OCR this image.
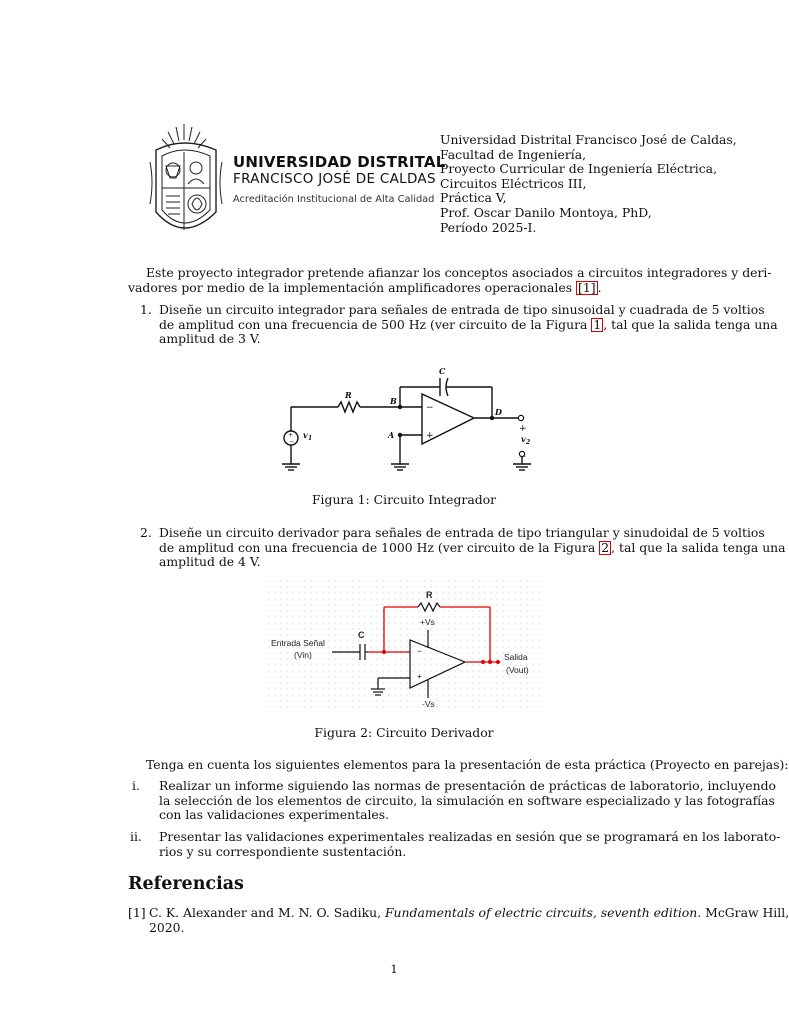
UNIVERSIDAD DISTRITAL
FRANCISCO JOSÉ DE CALDAS
Acreditación Institucional de Alta Calidad
Universidad Distrital Francisco José de Caldas,
Facultad de Ingeniería,
Proyecto Curricular de Ingeniería Eléctrica,
Circuitos Eléctricos III,
Práctica V,
Prof. Oscar Danilo Montoya, PhD,
Período 2025-I.
Este proyecto integrador pretende afianzar los conceptos asociados a circuitos integradores y deri-
vadores por medio de la implementación amplificadores operacionales [1] .
1. Diseñe un circuito integrador para señales de entrada de tipo sinusoidal y cuadrada de 5 voltios
de amplitud con una frecuencia de 500 Hz (ver circuito de la Figura 1 , tal que la salida tenga una
amplitud de 3 V.
C
R
B
A
D
v 1	v 2
−
+
+
−
+
−
Figura 1: Circuito Integrador
2. Diseñe un circuito derivador para señales de entrada de tipo triangular y sinudoidal de 5 voltios
de amplitud con una frecuencia de 1000 Hz (ver circuito de la Figura 2 , tal que la salida tenga una
amplitud de 4 V.
R
C
+Vs
-Vs
Entrada Señal
(Vin)	Salida
(Vout)
−
+
Figura 2: Circuito Derivador
Tenga en cuenta los siguientes elementos para la presentación de esta práctica (Proyecto en parejas):
i. Realizar un informe siguiendo las normas de presentación de prácticas de laboratorio, incluyendo
la selección de los elementos de circuito, la simulación en software especializado y las fotografías
con las validaciones experimentales.
ii. Presentar las validaciones experimentales realizadas en sesión que se programará en los laborato-
rios y su correspondiente sustentación.
Referencias
[1] C. K. Alexander and M. N. O. Sadiku, Fundamentals of electric circuits, seventh edition. McGraw Hill,
2020.
1
